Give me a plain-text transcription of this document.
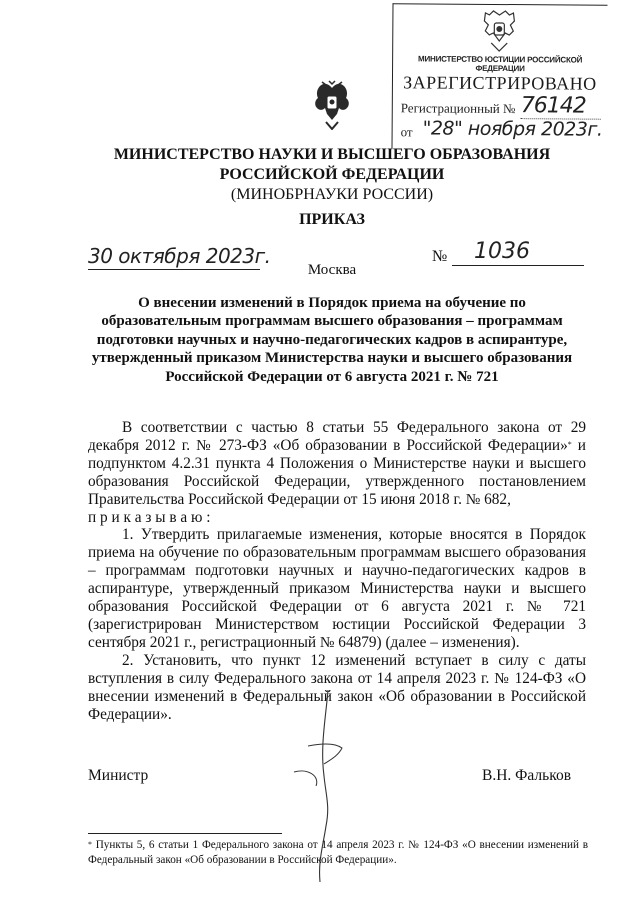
МИНИСТЕРСТВО ЮСТИЦИИ РОССИЙСКОЙ ФЕДЕРАЦИИ
ЗАРЕГИСТРИРОВАНО
Регистрационный № 76142
от "28" ноября 2023г.
МИНИСТЕРСТВО НАУКИ И ВЫСШЕГО ОБРАЗОВАНИЯ
РОССИЙСКОЙ ФЕДЕРАЦИИ
(МИНОБРНАУКИ РОССИИ)
ПРИКАЗ
30 октября 2023г.	№ 1036
Москва
О внесении изменений в Порядок приема на обучение по образовательным программам высшего образования – программам подготовки научных и научно-педагогических кадров в аспирантуре, утвержденный приказом Министерства науки и высшего образования Российской Федерации от 6 августа 2021 г. № 721

В соответствии с частью 8 статьи 55 Федерального закона от 29 декабря 2012 г. № 273-ФЗ «Об образовании в Российской Федерации»* и подпунктом 4.2.31 пункта 4 Положения о Министерстве науки и высшего образования Российской Федерации, утвержденного постановлением Правительства Российской Федерации от 15 июня 2018 г. № 682,

п р и к а з ы в а ю :

1. Утвердить прилагаемые изменения, которые вносятся в Порядок приема на обучение по образовательным программам высшего образования – программам подготовки научных и научно-педагогических кадров в аспирантуре, утвержденный приказом Министерства науки и высшего образования Российской Федерации от 6 августа 2021 г. № 721 (зарегистрирован Министерством юстиции Российской Федерации 3 сентября 2021 г., регистрационный № 64879) (далее – изменения).

2. Установить, что пункт 12 изменений вступает в силу с даты вступления в силу Федерального закона от 14 апреля 2023 г. № 124-ФЗ «О внесении изменений в Федеральный закон «Об образовании в Российской Федерации».

Министр	В.Н. Фальков
* Пункты 5, 6 статьи 1 Федерального закона от 14 апреля 2023 г. № 124-ФЗ «О внесении изменений в Федеральный закон «Об образовании в Российской Федерации».
